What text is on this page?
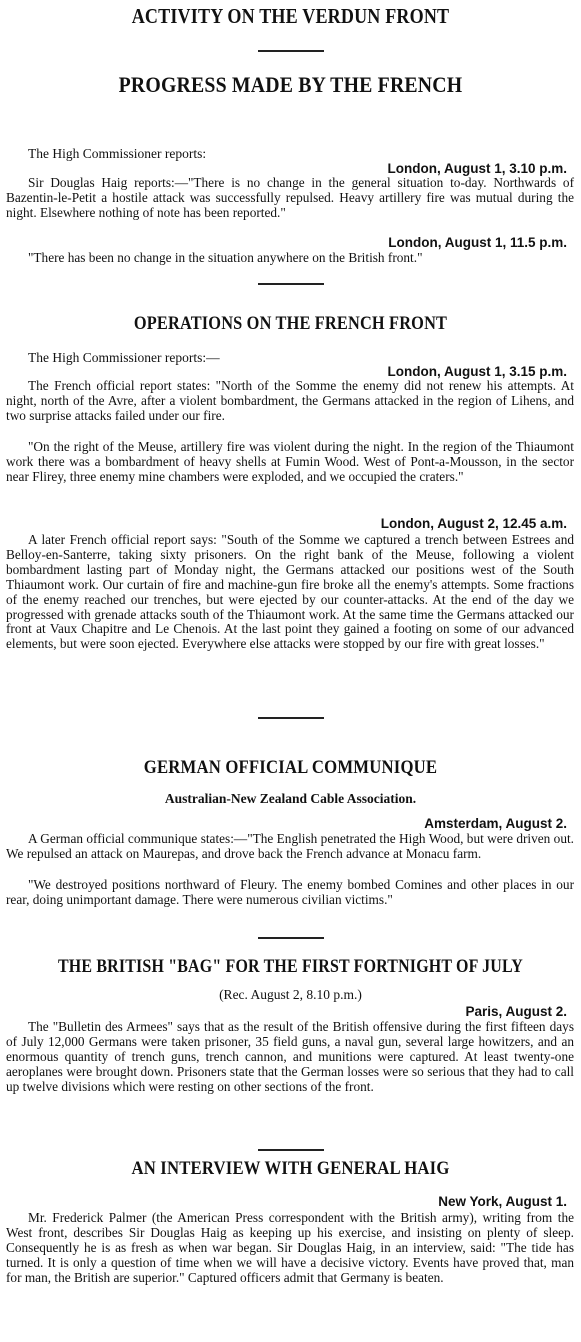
ACTIVITY ON THE VERDUN FRONT
PROGRESS MADE BY THE FRENCH
The High Commissioner reports:
London, August 1, 3.10 p.m.
Sir Douglas Haig reports:—"There is no change in the general situation to-day. Northwards of Bazentin-le-Petit a hostile attack was successfully repulsed. Heavy artillery fire was mutual during the night. Elsewhere nothing of note has been reported."
London, August 1, 11.5 p.m.
"There has been no change in the situation anywhere on the British front."
OPERATIONS ON THE FRENCH FRONT
The High Commissioner reports:—
London, August 1, 3.15 p.m.
The French official report states: "North of the Somme the enemy did not renew his attempts. At night, north of the Avre, after a violent bombardment, the Germans attacked in the region of Lihens, and two surprise attacks failed under our fire.
"On the right of the Meuse, artillery fire was violent during the night. In the region of the Thiaumont work there was a bombardment of heavy shells at Fumin Wood. West of Pont-a-Mousson, in the sector near Flirey, three enemy mine chambers were exploded, and we occupied the craters."
London, August 2, 12.45 a.m.
A later French official report says: "South of the Somme we captured a trench between Estrees and Belloy-en-Santerre, taking sixty prisoners. On the right bank of the Meuse, following a violent bombardment lasting part of Monday night, the Germans attacked our positions west of the South Thiaumont work. Our curtain of fire and machine-gun fire broke all the enemy's attempts. Some fractions of the enemy reached our trenches, but were ejected by our counter-attacks. At the end of the day we progressed with grenade attacks south of the Thiaumont work. At the same time the Germans attacked our front at Vaux Chapitre and Le Chenois. At the last point they gained a footing on some of our advanced elements, but were soon ejected. Everywhere else attacks were stopped by our fire with great losses."
GERMAN OFFICIAL COMMUNIQUE
Australian-New Zealand Cable Association.
Amsterdam, August 2.
A German official communique states:—"The English penetrated the High Wood, but were driven out. We repulsed an attack on Maurepas, and drove back the French advance at Monacu farm.
"We destroyed positions northward of Fleury. The enemy bombed Comines and other places in our rear, doing unimportant damage. There were numerous civilian victims."
THE BRITISH "BAG" FOR THE FIRST FORTNIGHT OF JULY
(Rec. August 2, 8.10 p.m.)
Paris, August 2.
The "Bulletin des Armees" says that as the result of the British offensive during the first fifteen days of July 12,000 Germans were taken prisoner, 35 field guns, a naval gun, several large howitzers, and an enormous quantity of trench guns, trench cannon, and munitions were captured. At least twenty-one aeroplanes were brought down. Prisoners state that the German losses were so serious that they had to call up twelve divisions which were resting on other sections of the front.
AN INTERVIEW WITH GENERAL HAIG
New York, August 1.
Mr. Frederick Palmer (the American Press correspondent with the British army), writing from the West front, describes Sir Douglas Haig as keeping up his exercise, and insisting on plenty of sleep. Consequently he is as fresh as when war began. Sir Douglas Haig, in an interview, said: "The tide has turned. It is only a question of time when we will have a decisive victory. Events have proved that, man for man, the British are superior." Captured officers admit that Germany is beaten.
